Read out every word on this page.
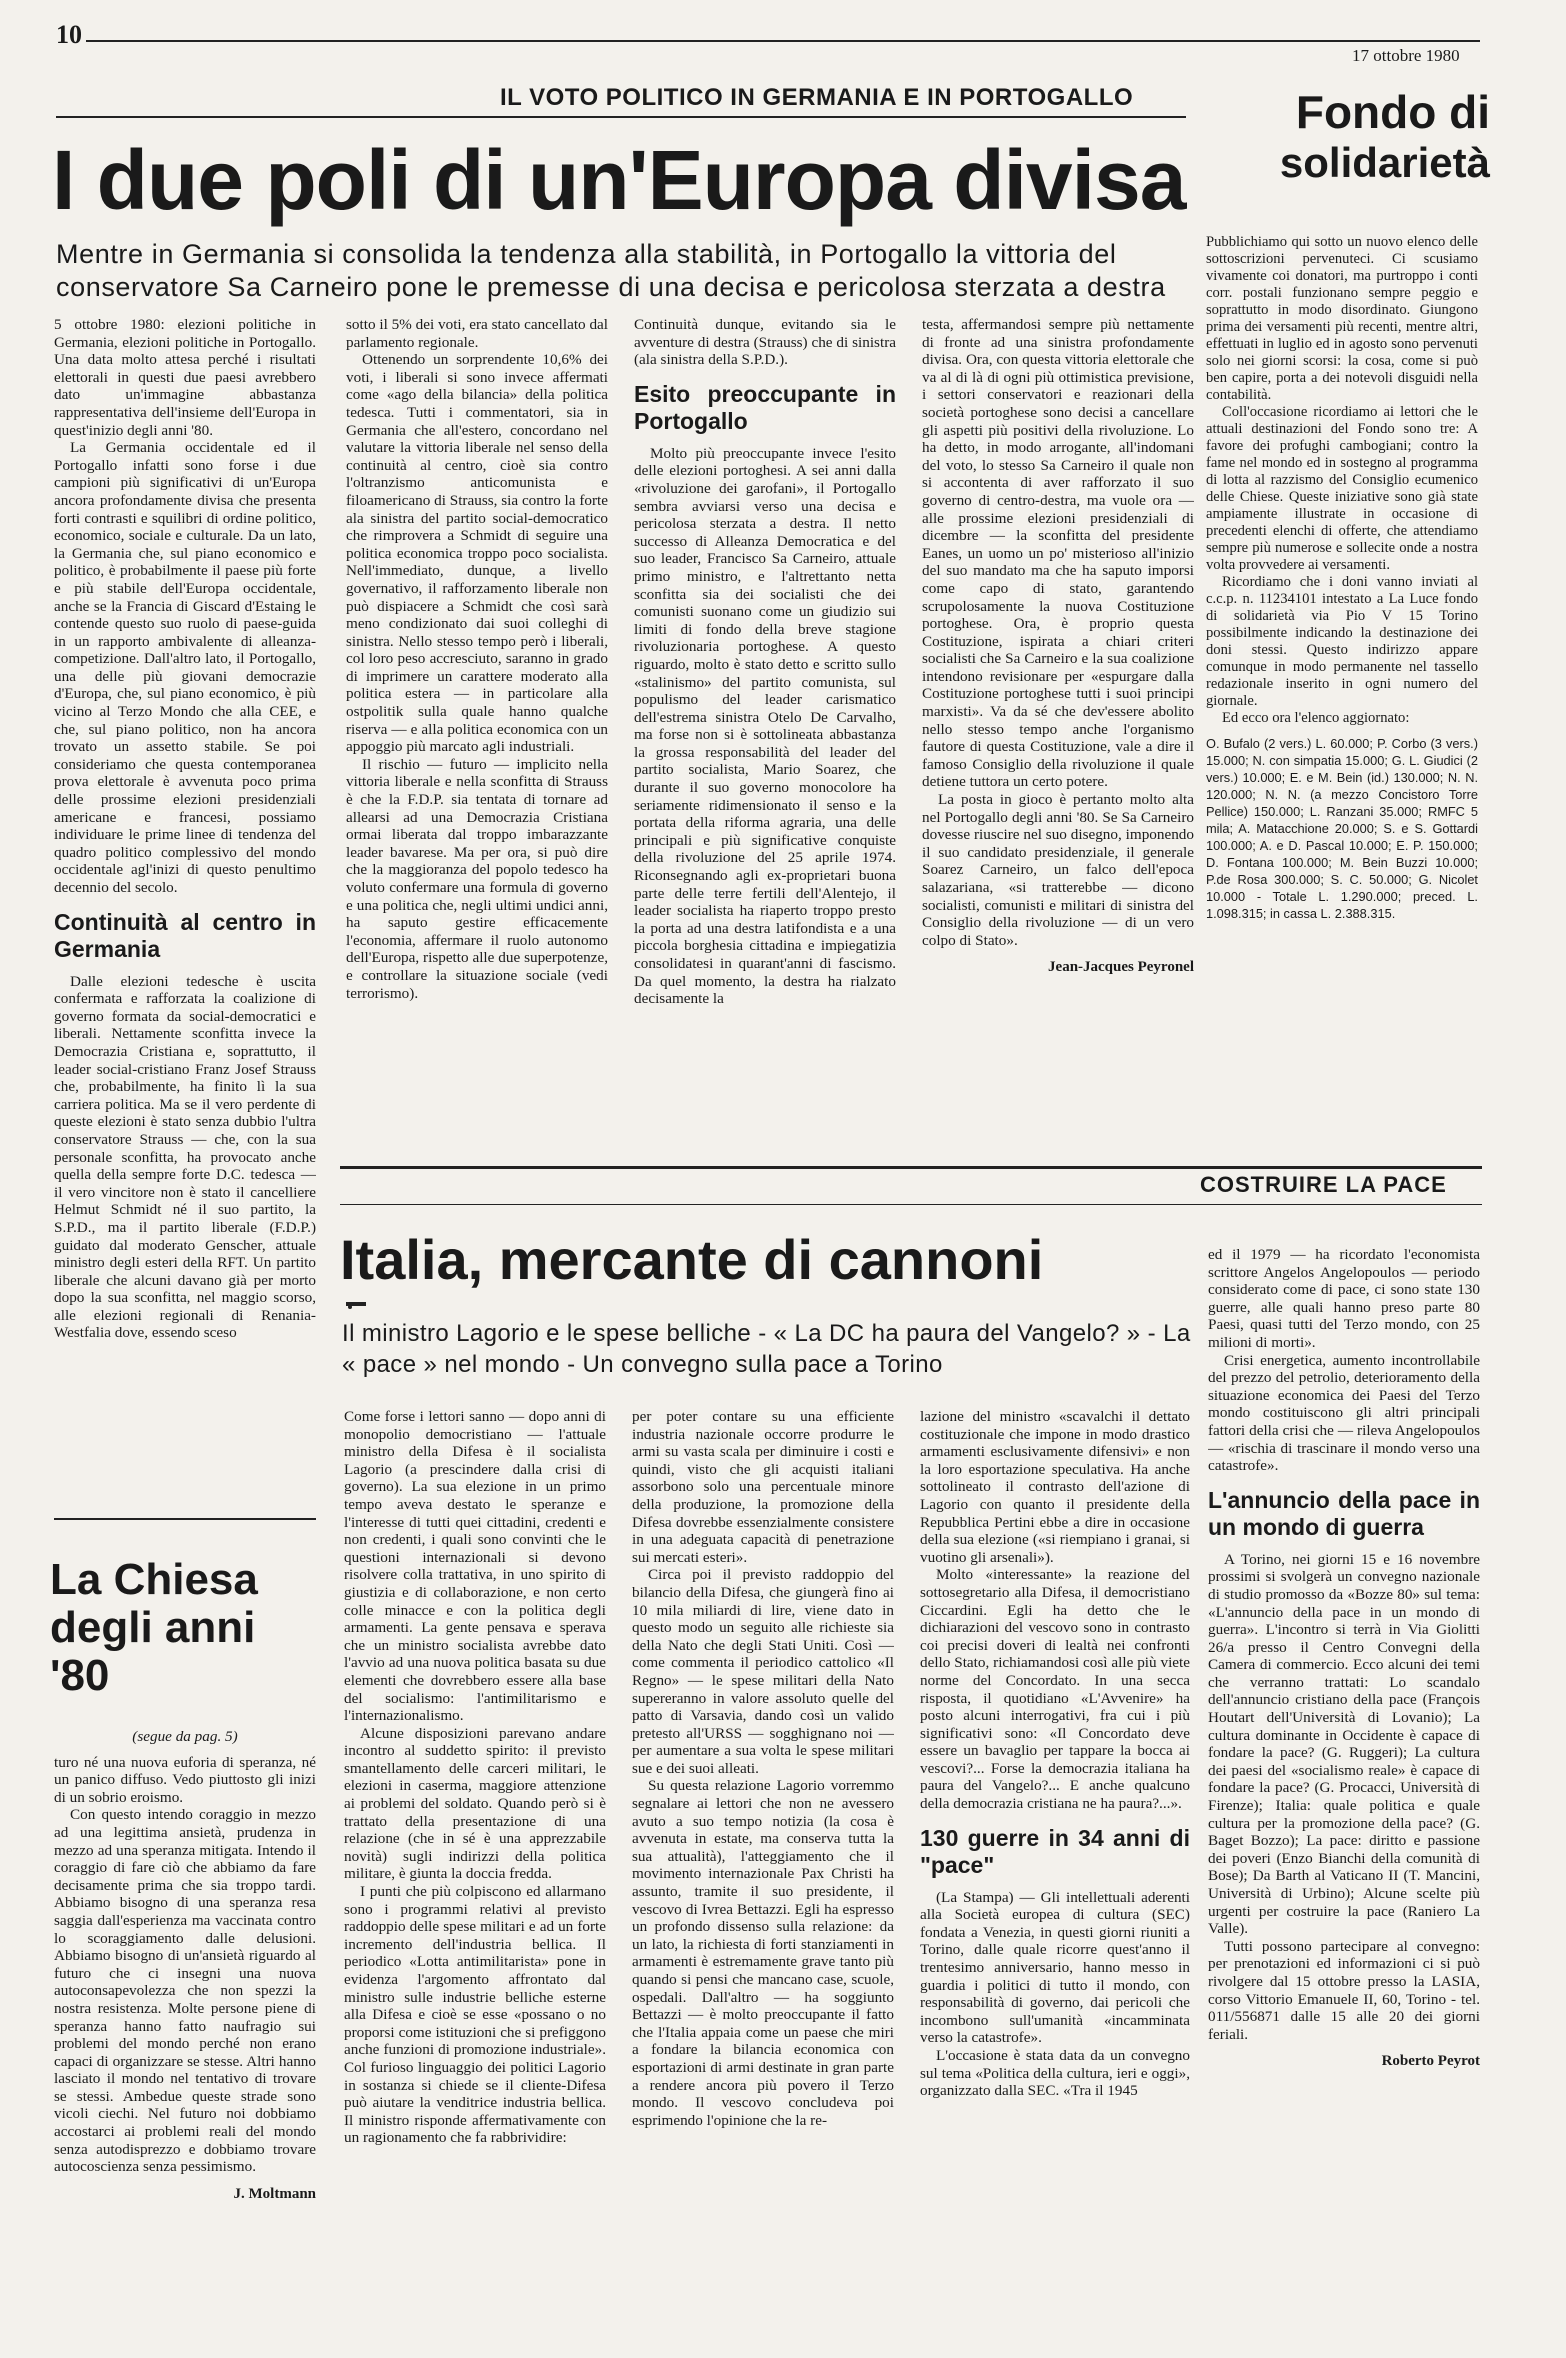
10
17 ottobre 1980
IL VOTO POLITICO IN GERMANIA E IN PORTOGALLO
I due poli di un'Europa divisa
Mentre in Germania si consolida la tendenza alla stabilità, in Portogallo la vittoria del conservatore Sa Carneiro pone le premesse di una decisa e pericolosa sterzata a destra

5 ottobre 1980: elezioni politiche in Germania, elezioni politiche in Portogallo. Una data molto attesa perché i risultati elettorali in questi due paesi avrebbero dato un'immagine abbastanza rappresentativa dell'insieme dell'Europa in quest'inizio degli anni '80.

La Germania occidentale ed il Portogallo infatti sono forse i due campioni più significativi di un'Europa ancora profondamente divisa che presenta forti contrasti e squilibri di ordine politico, economico, sociale e culturale. Da un lato, la Germania che, sul piano economico e politico, è probabilmente il paese più forte e più stabile dell'Europa occidentale, anche se la Francia di Giscard d'Estaing le contende questo suo ruolo di paese-guida in un rapporto ambivalente di alleanza-competizione. Dall'altro lato, il Portogallo, una delle più giovani democrazie d'Europa, che, sul piano economico, è più vicino al Terzo Mondo che alla CEE, e che, sul piano politico, non ha ancora trovato un assetto stabile. Se poi consideriamo che questa contemporanea prova elettorale è avvenuta poco prima delle prossime elezioni presidenziali americane e francesi, possiamo individuare le prime linee di tendenza del quadro politico complessivo del mondo occidentale agl'inizi di questo penultimo decennio del secolo.

Continuità al centro in Germania

Dalle elezioni tedesche è uscita confermata e rafforzata la coalizione di governo formata da social-democratici e liberali. Nettamente sconfitta invece la Democrazia Cristiana e, soprattutto, il leader social-cristiano Franz Josef Strauss che, probabilmente, ha finito lì la sua carriera politica. Ma se il vero perdente di queste elezioni è stato senza dubbio l'ultra conservatore Strauss — che, con la sua personale sconfitta, ha provocato anche quella della sempre forte D.C. tedesca — il vero vincitore non è stato il cancelliere Helmut Schmidt né il suo partito, la S.P.D., ma il partito liberale (F.D.P.) guidato dal moderato Genscher, attuale ministro degli esteri della RFT. Un partito liberale che alcuni davano già per morto dopo la sua sconfitta, nel maggio scorso, alle elezioni regionali di Renania-Westfalia dove, essendo sceso

sotto il 5% dei voti, era stato cancellato dal parlamento regionale.

Ottenendo un sorprendente 10,6% dei voti, i liberali si sono invece affermati come «ago della bilancia» della politica tedesca. Tutti i commentatori, sia in Germania che all'estero, concordano nel valutare la vittoria liberale nel senso della continuità al centro, cioè sia contro l'oltranzismo anticomunista e filoamericano di Strauss, sia contro la forte ala sinistra del partito social-democratico che rimprovera a Schmidt di seguire una politica economica troppo poco socialista. Nell'immediato, dunque, a livello governativo, il rafforzamento liberale non può dispiacere a Schmidt che così sarà meno condizionato dai suoi colleghi di sinistra. Nello stesso tempo però i liberali, col loro peso accresciuto, saranno in grado di imprimere un carattere moderato alla politica estera — in particolare alla ostpolitik sulla quale hanno qualche riserva — e alla politica economica con un appoggio più marcato agli industriali.

Il rischio — futuro — implicito nella vittoria liberale e nella sconfitta di Strauss è che la F.D.P. sia tentata di tornare ad allearsi ad una Democrazia Cristiana ormai liberata dal troppo imbarazzante leader bavarese. Ma per ora, si può dire che la maggioranza del popolo tedesco ha voluto confermare una formula di governo e una politica che, negli ultimi undici anni, ha saputo gestire efficacemente l'economia, affermare il ruolo autonomo dell'Europa, rispetto alle due superpotenze, e controllare la situazione sociale (vedi terrorismo).

Continuità dunque, evitando sia le avventure di destra (Strauss) che di sinistra (ala sinistra della S.P.D.).

Esito preoccupante in Portogallo

Molto più preoccupante invece l'esito delle elezioni portoghesi. A sei anni dalla «rivoluzione dei garofani», il Portogallo sembra avviarsi verso una decisa e pericolosa sterzata a destra. Il netto successo di Alleanza Democratica e del suo leader, Francisco Sa Carneiro, attuale primo ministro, e l'altrettanto netta sconfitta sia dei socialisti che dei comunisti suonano come un giudizio sui limiti di fondo della breve stagione rivoluzionaria portoghese. A questo riguardo, molto è stato detto e scritto sullo «stalinismo» del partito comunista, sul populismo del leader carismatico dell'estrema sinistra Otelo De Carvalho, ma forse non si è sottolineata abbastanza la grossa responsabilità del leader del partito socialista, Mario Soarez, che durante il suo governo monocolore ha seriamente ridimensionato il senso e la portata della riforma agraria, una delle principali e più significative conquiste della rivoluzione del 25 aprile 1974. Riconsegnando agli ex-proprietari buona parte delle terre fertili dell'Alentejo, il leader socialista ha riaperto troppo presto la porta ad una destra latifondista e a una piccola borghesia cittadina e impiegatizia consolidatesi in quarant'anni di fascismo. Da quel momento, la destra ha rialzato decisamente la

testa, affermandosi sempre più nettamente di fronte ad una sinistra profondamente divisa. Ora, con questa vittoria elettorale che va al di là di ogni più ottimistica previsione, i settori conservatori e reazionari della società portoghese sono decisi a cancellare gli aspetti più positivi della rivoluzione. Lo ha detto, in modo arrogante, all'indomani del voto, lo stesso Sa Carneiro il quale non si accontenta di aver rafforzato il suo governo di centro-destra, ma vuole ora — alle prossime elezioni presidenziali di dicembre — la sconfitta del presidente Eanes, un uomo un po' misterioso all'inizio del suo mandato ma che ha saputo imporsi come capo di stato, garantendo scrupolosamente la nuova Costituzione portoghese. Ora, è proprio questa Costituzione, ispirata a chiari criteri socialisti che Sa Carneiro e la sua coalizione intendono revisionare per «espurgare dalla Costituzione portoghese tutti i suoi principi marxisti». Va da sé che dev'essere abolito nello stesso tempo anche l'organismo fautore di questa Costituzione, vale a dire il famoso Consiglio della rivoluzione il quale detiene tuttora un certo potere.

La posta in gioco è pertanto molto alta nel Portogallo degli anni '80. Se Sa Carneiro dovesse riuscire nel suo disegno, imponendo il suo candidato presidenziale, il generale Soarez Carneiro, un falco dell'epoca salazariana, «si tratterebbe — dicono socialisti, comunisti e militari di sinistra del Consiglio della rivoluzione — di un vero colpo di Stato».

Jean-Jacques Peyronel

Fondo di
solidarietà

Pubblichiamo qui sotto un nuovo elenco delle sottoscrizioni pervenuteci. Ci scusiamo vivamente coi donatori, ma purtroppo i conti corr. postali funzionano sempre peggio e soprattutto in modo disordinato. Giungono prima dei versamenti più recenti, mentre altri, effettuati in luglio ed in agosto sono pervenuti solo nei giorni scorsi: la cosa, come si può ben capire, porta a dei notevoli disguidi nella contabilità.

Coll'occasione ricordiamo ai lettori che le attuali destinazioni del Fondo sono tre: A favore dei profughi cambogiani; contro la fame nel mondo ed in sostegno al programma di lotta al razzismo del Consiglio ecumenico delle Chiese. Queste iniziative sono già state ampiamente illustrate in occasione di precedenti elenchi di offerte, che attendiamo sempre più numerose e sollecite onde a nostra volta provvedere ai versamenti.

Ricordiamo che i doni vanno inviati al c.c.p. n. 11234101 intestato a La Luce fondo di solidarietà via Pio V 15 Torino possibilmente indicando la destinazione dei doni stessi. Questo indirizzo appare comunque in modo permanente nel tassello redazionale inserito in ogni numero del giornale.

Ed ecco ora l'elenco aggiornato:

O. Bufalo (2 vers.) L. 60.000; P. Corbo (3 vers.) 15.000; N. con simpatia 15.000; G. L. Giudici (2 vers.) 10.000; E. e M. Bein (id.) 130.000; N. N. 120.000; N. N. (a mezzo Concistoro Torre Pellice) 150.000; L. Ranzani 35.000; RMFC 5 mila; A. Matacchione 20.000; S. e S. Gottardi 100.000; A. e D. Pascal 10.000; E. P. 150.000; D. Fontana 100.000; M. Bein Buzzi 10.000; P.de Rosa 300.000; S. C. 50.000; G. Nicolet 10.000 - Totale L. 1.290.000; preced. L. 1.098.315; in cassa L. 2.388.315.

COSTRUIRE LA PACE
La Chiesa degli anni '80

(segue da pag. 5)

turo né una nuova euforia di speranza, né un panico diffuso. Vedo piuttosto gli inizi di un sobrio eroismo.

Con questo intendo coraggio in mezzo ad una legittima ansietà, prudenza in mezzo ad una speranza mitigata. Intendo il coraggio di fare ciò che abbiamo da fare decisamente prima che sia troppo tardi. Abbiamo bisogno di una speranza resa saggia dall'esperienza ma vaccinata contro lo scoraggiamento dalle delusioni. Abbiamo bisogno di un'ansietà riguardo al futuro che ci insegni una nuova autoconsapevolezza che non spezzi la nostra resistenza. Molte persone piene di speranza hanno fatto naufragio sui problemi del mondo perché non erano capaci di organizzare se stesse. Altri hanno lasciato il mondo nel tentativo di trovare se stessi. Ambedue queste strade sono vicoli ciechi. Nel futuro noi dobbiamo accostarci ai problemi reali del mondo senza autodisprezzo e dobbiamo trovare autocoscienza senza pessimismo.

J. Moltmann

Italia, mercante di cannoni
Il ministro Lagorio e le spese belliche - « La DC ha paura del Vangelo? » - La « pace » nel mondo - Un convegno sulla pace a Torino

Come forse i lettori sanno — dopo anni di monopolio democristiano — l'attuale ministro della Difesa è il socialista Lagorio (a prescindere dalla crisi di governo). La sua elezione in un primo tempo aveva destato le speranze e l'interesse di tutti quei cittadini, credenti e non credenti, i quali sono convinti che le questioni internazionali si devono risolvere colla trattativa, in uno spirito di giustizia e di collaborazione, e non certo colle minacce e con la politica degli armamenti. La gente pensava e sperava che un ministro socialista avrebbe dato l'avvio ad una nuova politica basata su due elementi che dovrebbero essere alla base del socialismo: l'antimilitarismo e l'internazionalismo.

Alcune disposizioni parevano andare incontro al suddetto spirito: il previsto smantellamento delle carceri militari, le elezioni in caserma, maggiore attenzione ai problemi del soldato. Quando però si è trattato della presentazione di una relazione (che in sé è una apprezzabile novità) sugli indirizzi della politica militare, è giunta la doccia fredda.

I punti che più colpiscono ed allarmano sono i programmi relativi al previsto raddoppio delle spese militari e ad un forte incremento dell'industria bellica. Il periodico «Lotta antimilitarista» pone in evidenza l'argomento affrontato dal ministro sulle industrie belliche esterne alla Difesa e cioè se esse «possano o no proporsi come istituzioni che si prefiggono anche funzioni di promozione industriale». Col furioso linguaggio dei politici Lagorio in sostanza si chiede se il cliente-Difesa può aiutare la venditrice industria bellica. Il ministro risponde affermativamente con un ragionamento che fa rabbrividire:

per poter contare su una efficiente industria nazionale occorre produrre le armi su vasta scala per diminuire i costi e quindi, visto che gli acquisti italiani assorbono solo una percentuale minore della produzione, la promozione della Difesa dovrebbe essenzialmente consistere in una adeguata capacità di penetrazione sui mercati esteri».

Circa poi il previsto raddoppio del bilancio della Difesa, che giungerà fino ai 10 mila miliardi di lire, viene dato in questo modo un seguito alle richieste sia della Nato che degli Stati Uniti. Così — come commenta il periodico cattolico «Il Regno» — le spese militari della Nato supereranno in valore assoluto quelle del patto di Varsavia, dando così un valido pretesto all'URSS — sogghignano noi — per aumentare a sua volta le spese militari sue e dei suoi alleati.

Su questa relazione Lagorio vorremmo segnalare ai lettori che non ne avessero avuto a suo tempo notizia (la cosa è avvenuta in estate, ma conserva tutta la sua attualità), l'atteggiamento che il movimento internazionale Pax Christi ha assunto, tramite il suo presidente, il vescovo di Ivrea Bettazzi. Egli ha espresso un profondo dissenso sulla relazione: da un lato, la richiesta di forti stanziamenti in armamenti è estremamente grave tanto più quando si pensi che mancano case, scuole, ospedali. Dall'altro — ha soggiunto Bettazzi — è molto preoccupante il fatto che l'Italia appaia come un paese che miri a fondare la bilancia economica con esportazioni di armi destinate in gran parte a rendere ancora più povero il Terzo mondo. Il vescovo concludeva poi esprimendo l'opinione che la re-

lazione del ministro «scavalchi il dettato costituzionale che impone in modo drastico armamenti esclusivamente difensivi» e non la loro esportazione speculativa. Ha anche sottolineato il contrasto dell'azione di Lagorio con quanto il presidente della Repubblica Pertini ebbe a dire in occasione della sua elezione («si riempiano i granai, si vuotino gli arsenali»).

Molto «interessante» la reazione del sottosegretario alla Difesa, il democristiano Ciccardini. Egli ha detto che le dichiarazioni del vescovo sono in contrasto coi precisi doveri di lealtà nei confronti dello Stato, richiamandosi così alle più viete norme del Concordato. In una secca risposta, il quotidiano «L'Avvenire» ha posto alcuni interrogativi, fra cui i più significativi sono: «Il Concordato deve essere un bavaglio per tappare la bocca ai vescovi?... Forse la democrazia italiana ha paura del Vangelo?... E anche qualcuno della democrazia cristiana ne ha paura?...».

130 guerre in 34 anni di "pace"

(La Stampa) — Gli intellettuali aderenti alla Società europea di cultura (SEC) fondata a Venezia, in questi giorni riuniti a Torino, dalle quale ricorre quest'anno il trentesimo anniversario, hanno messo in guardia i politici di tutto il mondo, con responsabilità di governo, dai pericoli che incombono sull'umanità «incamminata verso la catastrofe».

L'occasione è stata data da un convegno sul tema «Politica della cultura, ieri e oggi», organizzato dalla SEC. «Tra il 1945

ed il 1979 — ha ricordato l'economista scrittore Angelos Angelopoulos — periodo considerato come di pace, ci sono state 130 guerre, alle quali hanno preso parte 80 Paesi, quasi tutti del Terzo mondo, con 25 milioni di morti».

Crisi energetica, aumento incontrollabile del prezzo del petrolio, deterioramento della situazione economica dei Paesi del Terzo mondo costituiscono gli altri principali fattori della crisi che — rileva Angelopoulos — «rischia di trascinare il mondo verso una catastrofe».

L'annuncio della pace in un mondo di guerra

A Torino, nei giorni 15 e 16 novembre prossimi si svolgerà un convegno nazionale di studio promosso da «Bozze 80» sul tema: «L'annuncio della pace in un mondo di guerra». L'incontro si terrà in Via Giolitti 26/a presso il Centro Convegni della Camera di commercio. Ecco alcuni dei temi che verranno trattati: Lo scandalo dell'annuncio cristiano della pace (François Houtart dell'Università di Lovanio); La cultura dominante in Occidente è capace di fondare la pace? (G. Ruggeri); La cultura dei paesi del «socialismo reale» è capace di fondare la pace? (G. Procacci, Università di Firenze); Italia: quale politica e quale cultura per la promozione della pace? (G. Baget Bozzo); La pace: diritto e passione dei poveri (Enzo Bianchi della comunità di Bose); Da Barth al Vaticano II (T. Mancini, Università di Urbino); Alcune scelte più urgenti per costruire la pace (Raniero La Valle).

Tutti possono partecipare al convegno: per prenotazioni ed informazioni ci si può rivolgere dal 15 ottobre presso la LASIA, corso Vittorio Emanuele II, 60, Torino - tel. 011/556871 dalle 15 alle 20 dei giorni feriali.

Roberto Peyrot
